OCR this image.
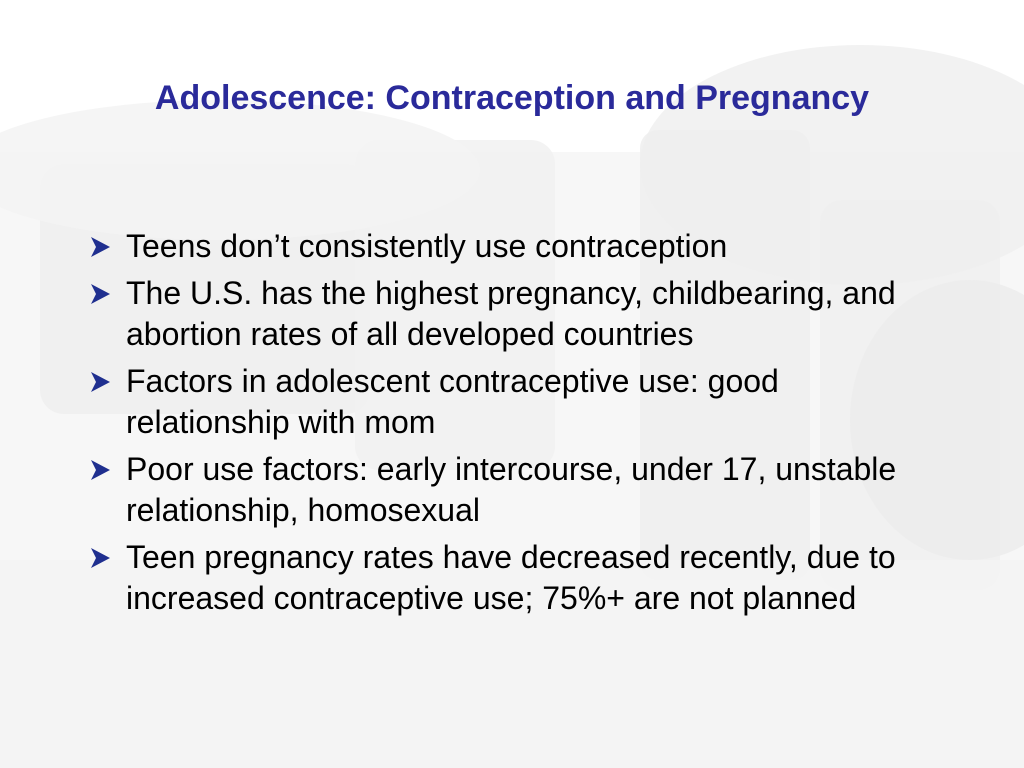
Adolescence: Contraception and Pregnancy
Teens don’t consistently use contraception
The U.S. has the highest pregnancy, childbearing, and abortion rates of all developed countries
Factors in adolescent contraceptive use: good relationship with mom
Poor use factors: early intercourse, under 17, unstable relationship, homosexual
Teen pregnancy rates have decreased recently, due to increased contraceptive use; 75%+ are not planned
